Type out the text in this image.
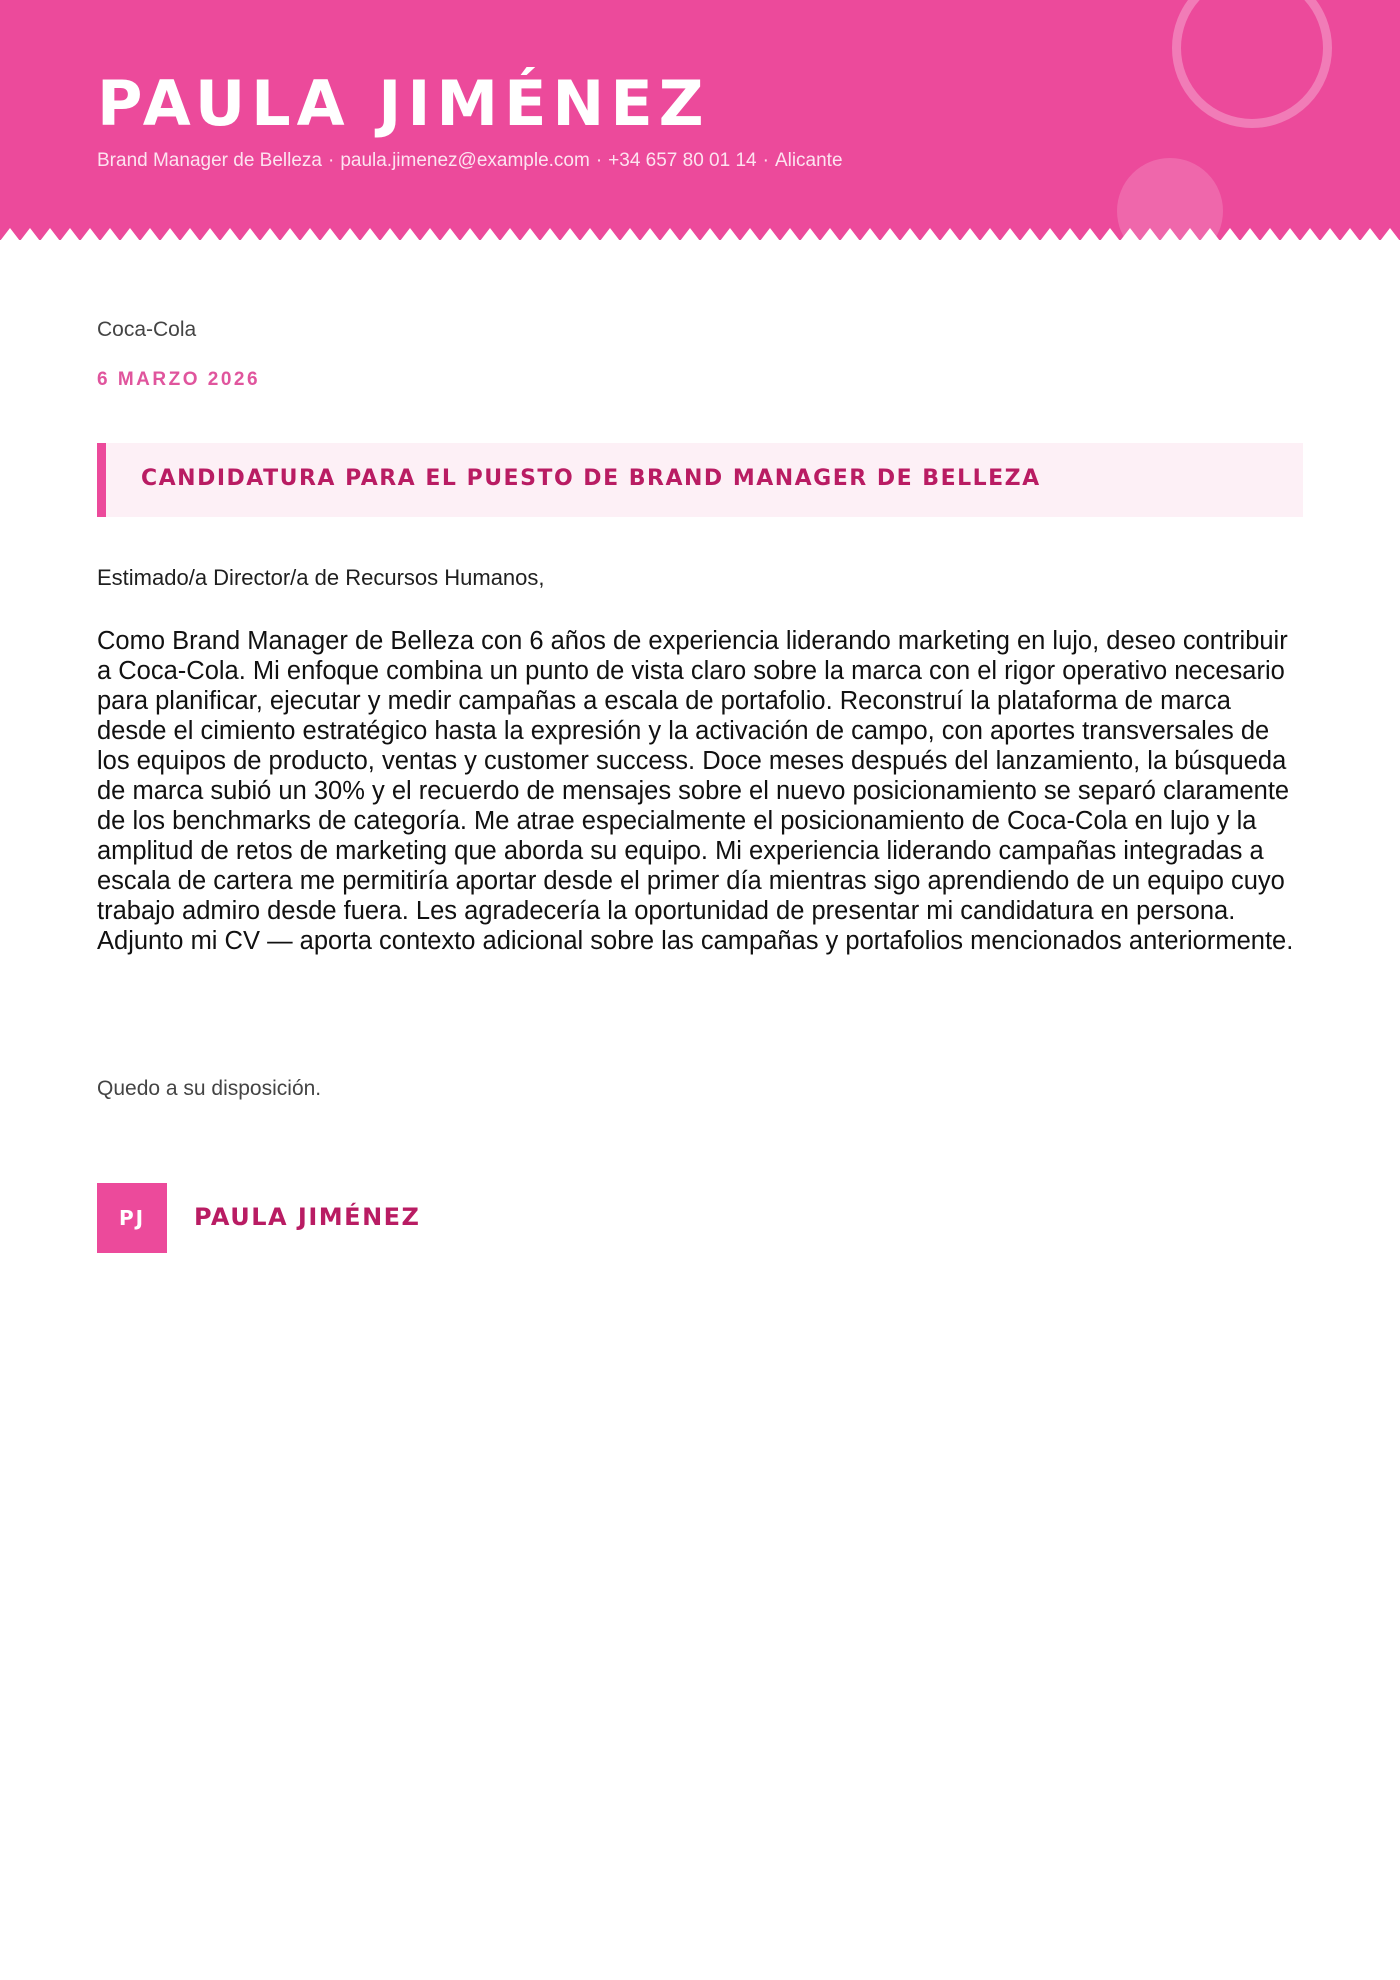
PAULA JIMÉNEZ
Brand Manager de Belleza · paula.jimenez@example.com · +34 657 80 01 14 · Alicante
Coca-Cola
6 MARZO 2026
CANDIDATURA PARA EL PUESTO DE BRAND MANAGER DE BELLEZA
Estimado/a Director/a de Recursos Humanos,

Como Brand Manager de Belleza con 6 años de experiencia liderando marketing en lujo, deseo contribuir a Coca-Cola. Mi enfoque combina un punto de vista claro sobre la marca con el rigor operativo necesario para planificar, ejecutar y medir campañas a escala de portafolio. Reconstruí la plataforma de marca desde el cimiento estratégico hasta la expresión y la activación de campo, con aportes transversales de los equipos de producto, ventas y customer success. Doce meses después del lanzamiento, la búsqueda de marca subió un 30% y el recuerdo de mensajes sobre el nuevo posicionamiento se separó claramente de los benchmarks de categoría. Me atrae especialmente el posicionamiento de Coca-Cola en lujo y la amplitud de retos de marketing que aborda su equipo. Mi experiencia liderando campañas integradas a escala de cartera me permitiría aportar desde el primer día mientras sigo aprendiendo de un equipo cuyo trabajo admiro desde fuera. Les agradecería la oportunidad de presentar mi candidatura en persona. Adjunto mi CV — aporta contexto adicional sobre las campañas y portafolios mencionados anteriormente.

Quedo a su disposición.
PJ	PAULA JIMÉNEZ
